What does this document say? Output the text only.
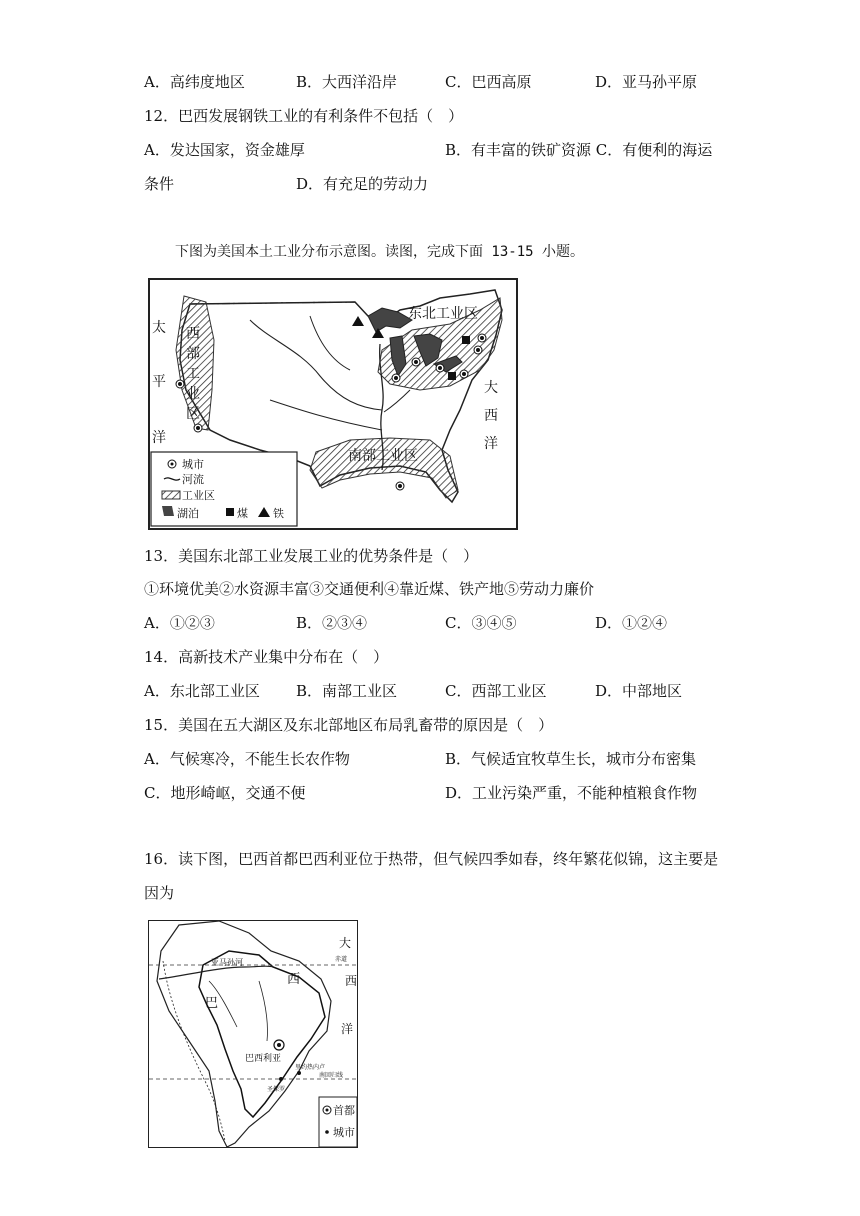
A．高纬度地区	B．大西洋沿岸	C．巴西高原	D．亚马孙平原
12．巴西发展钢铁工业的有利条件不包括（　）
A．发达国家，资金雄厚	B．有丰富的铁矿资源 C．有便利的海运
条件	D．有充足的劳动力
下图为美国本土工业分布示意图。读图，完成下面 13-15 小题。
东北工业区
西
部
工
业
区
南部工业区
太
平
洋
大
西
洋
城市
河流
工业区
湖泊	煤 铁
13．美国东北部工业发展工业的优势条件是（　）
①环境优美②水资源丰富③交通便利④靠近煤、铁产地⑤劳动力廉价
A．①②③	B．②③④	C．③④⑤	D．①②④
14．高新技术产业集中分布在（　）
A．东北部工业区 B．南部工业区	C．西部工业区	D．中部地区
15．美国在五大湖区及东北部地区布局乳畜带的原因是（　）
A．气候寒冷，不能生长农作物	B．气候适宜牧草生长，城市分布密集
C．地形崎岖，交通不便	D．工业污染严重，不能种植粮食作物
16．读下图，巴西首都巴西利亚位于热带，但气候四季如春，终年繁花似锦，这主要是
因为
巴
西
巴西利亚
亚马孙河
大
西
洋
赤道
圣保罗
里约热内卢
南回归线
首都
城市
